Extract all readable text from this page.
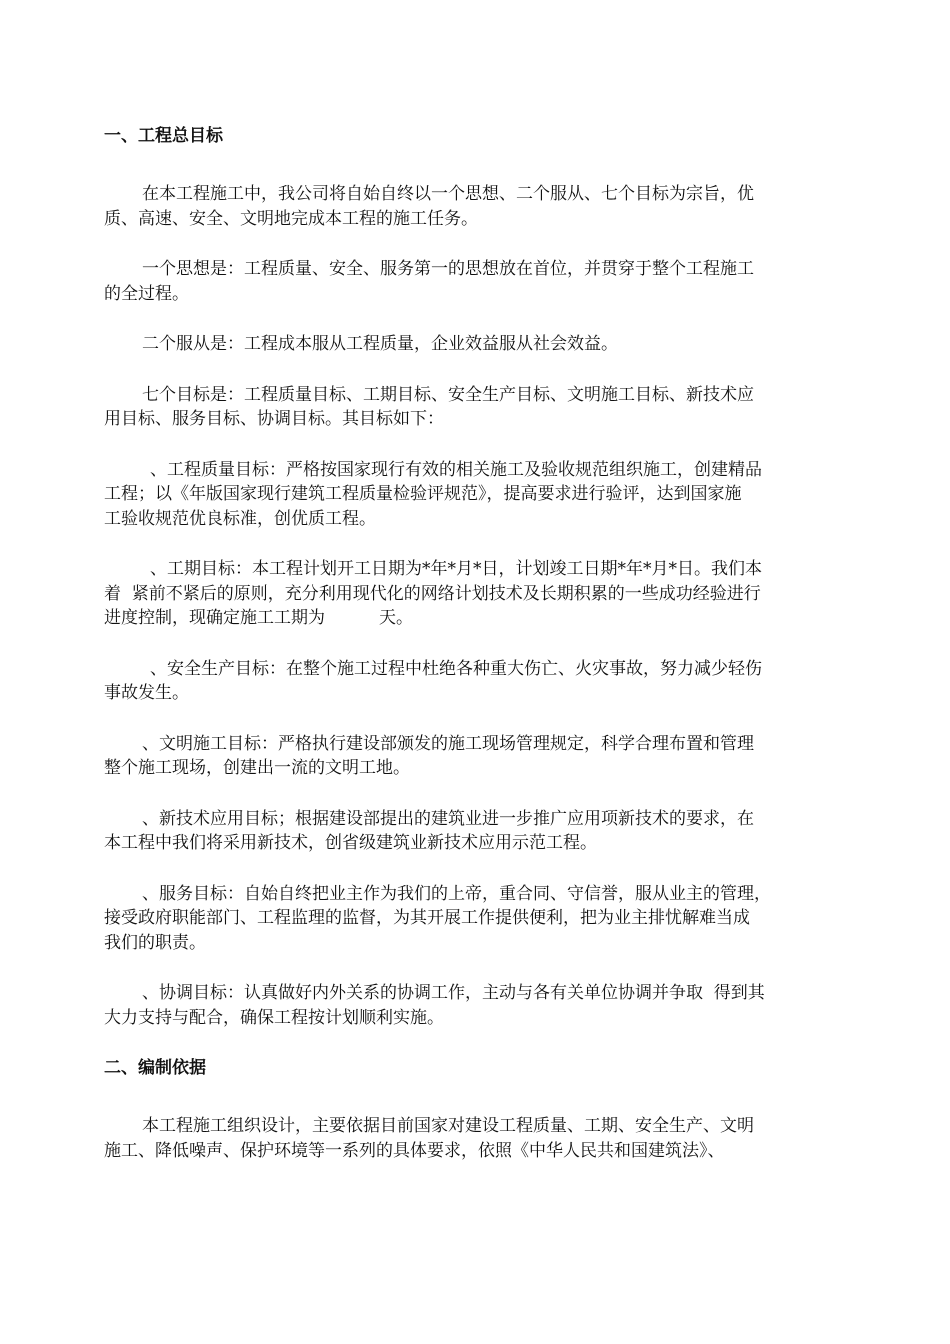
一、工程总目标

在本工程施工中，我公司将自始自终以一个思想、二个服从、七个目标为宗旨，优
质、高速、安全、文明地完成本工程的施工任务。

一个思想是：工程质量、安全、服务第一的思想放在首位，并贯穿于整个工程施工
的全过程。

二个服从是：工程成本服从工程质量，企业效益服从社会效益。

七个目标是：工程质量目标、工期目标、安全生产目标、文明施工目标、新技术应
用目标、服务目标、协调目标。其目标如下：

、工程质量目标：严格按国家现行有效的相关施工及验收规范组织施工，创建精品
工程；以《年版国家现行建筑工程质量检验评规范》，提高要求进行验评，达到国家施
工验收规范优良标准，创优质工程。

、工期目标：本工程计划开工日期为*年*月*日，计划竣工日期*年*月*日。我们本
着  紧前不紧后的原则，充分利用现代化的网络计划技术及长期积累的一些成功经验进行
进度控制，现确定施工工期为          天。

、安全生产目标：在整个施工过程中杜绝各种重大伤亡、火灾事故，努力减少轻伤
事故发生。

、文明施工目标：严格执行建设部颁发的施工现场管理规定，科学合理布置和管理
整个施工现场，创建出一流的文明工地。

、新技术应用目标；根据建设部提出的建筑业进一步推广应用项新技术的要求，在
本工程中我们将采用新技术，创省级建筑业新技术应用示范工程。

、服务目标：自始自终把业主作为我们的上帝，重合同、守信誉，服从业主的管理，
接受政府职能部门、工程监理的监督，为其开展工作提供便利，把为业主排忧解难当成
我们的职责。

、协调目标：认真做好内外关系的协调工作，主动与各有关单位协调并争取  得到其
大力支持与配合，确保工程按计划顺利实施。

二、编制依据

本工程施工组织设计，主要依据目前国家对建设工程质量、工期、安全生产、文明
施工、降低噪声、保护环境等一系列的具体要求，依照《中华人民共和国建筑法》、
